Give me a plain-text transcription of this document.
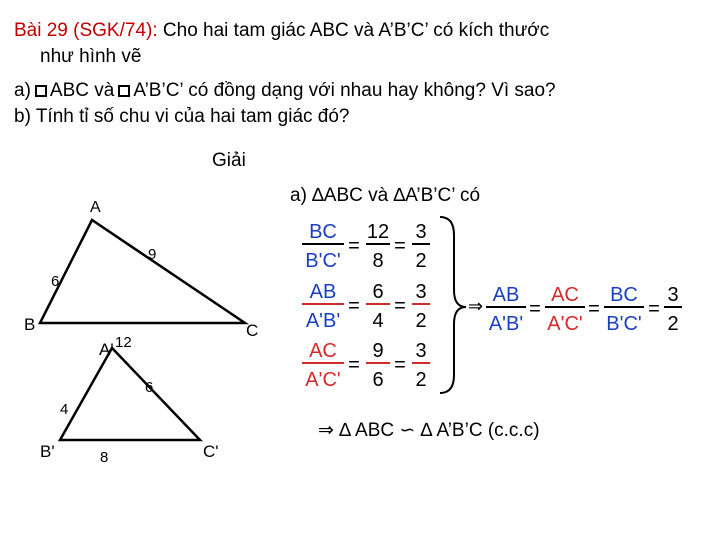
Bài 29 (SGK/74): Cho hai tam giác ABC và A’B’C’ có kích thước
như hình vẽ
a) ABC và A’B’C’ có đồng dạng với nhau hay không? Vì sao?
b) Tính tỉ số chu vi của hai tam giác đó?
Giải
a) ∆ABC và ∆A’B’C’ có
A
B	C
6
9
12
A'
B'	C'
4
6
8
BC
B'C'
=
12
8
=
3
2
AB
A'B'
=
6
4
=
3
2
AC
A'C'
=
9
6
=
3
2
⇒ AB
A'B'
=
AC
A'C'
=
BC
B'C'
=
3
2
⇒ ∆ ABC ∽ ∆ A’B’C (c.c.c)
